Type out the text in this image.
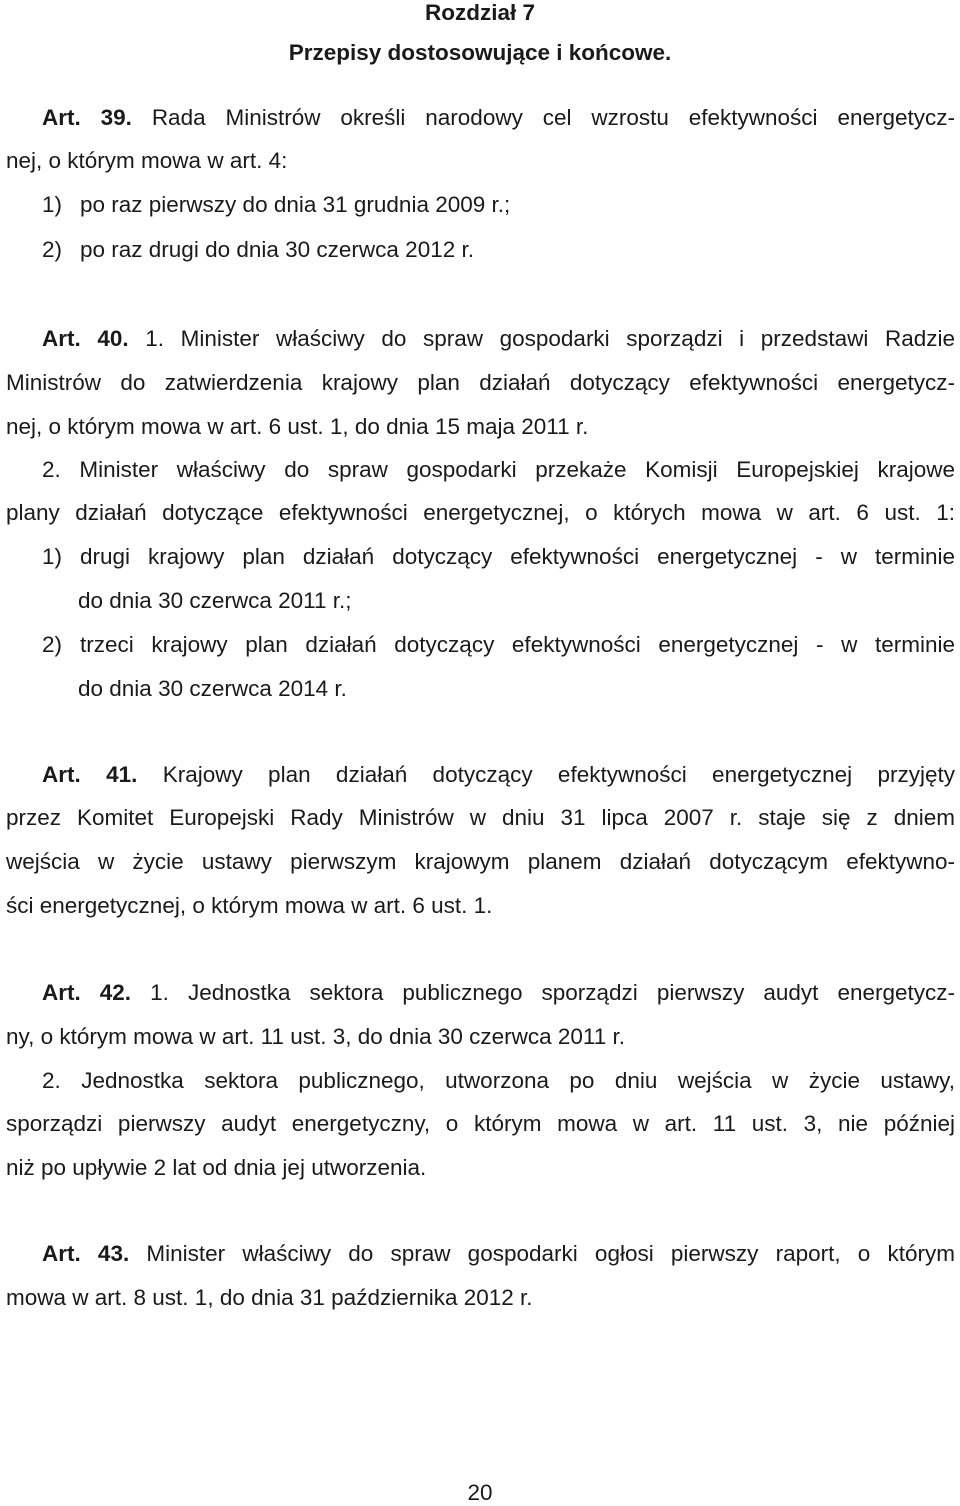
Rozdział 7
Przepisy dostosowujące i końcowe.
Art. 39. Rada Ministrów określi narodowy cel wzrostu efektywności energetycz-
nej, o którym mowa w art. 4:
1) po raz pierwszy do dnia 31 grudnia 2009 r.;
2) po raz drugi do dnia 30 czerwca 2012 r.
Art. 40. 1. Minister właściwy do spraw gospodarki sporządzi i przedstawi Radzie
Ministrów do zatwierdzenia krajowy plan działań dotyczący efektywności energetycz-
nej, o którym mowa w art. 6 ust. 1, do dnia 15 maja 2011 r.
2. Minister właściwy do spraw gospodarki przekaże Komisji Europejskiej krajowe
plany działań dotyczące efektywności energetycznej, o których mowa w art. 6 ust. 1:
1) drugi krajowy plan działań dotyczący efektywności energetycznej - w terminie
do dnia 30 czerwca 2011 r.;
2) trzeci krajowy plan działań dotyczący efektywności energetycznej - w terminie
do dnia 30 czerwca 2014 r.
Art. 41. Krajowy plan działań dotyczący efektywności energetycznej przyjęty
przez Komitet Europejski Rady Ministrów w dniu 31 lipca 2007 r. staje się z dniem
wejścia w życie ustawy pierwszym krajowym planem działań dotyczącym efektywno-
ści energetycznej, o którym mowa w art. 6 ust. 1.
Art. 42. 1. Jednostka sektora publicznego sporządzi pierwszy audyt energetycz-
ny, o którym mowa w art. 11 ust. 3, do dnia 30 czerwca 2011 r.
2. Jednostka sektora publicznego, utworzona po dniu wejścia w życie ustawy,
sporządzi pierwszy audyt energetyczny, o którym mowa w art. 11 ust. 3, nie później
niż po upływie 2 lat od dnia jej utworzenia.
Art. 43. Minister właściwy do spraw gospodarki ogłosi pierwszy raport, o którym
mowa w art. 8 ust. 1, do dnia 31 października 2012 r.
20
